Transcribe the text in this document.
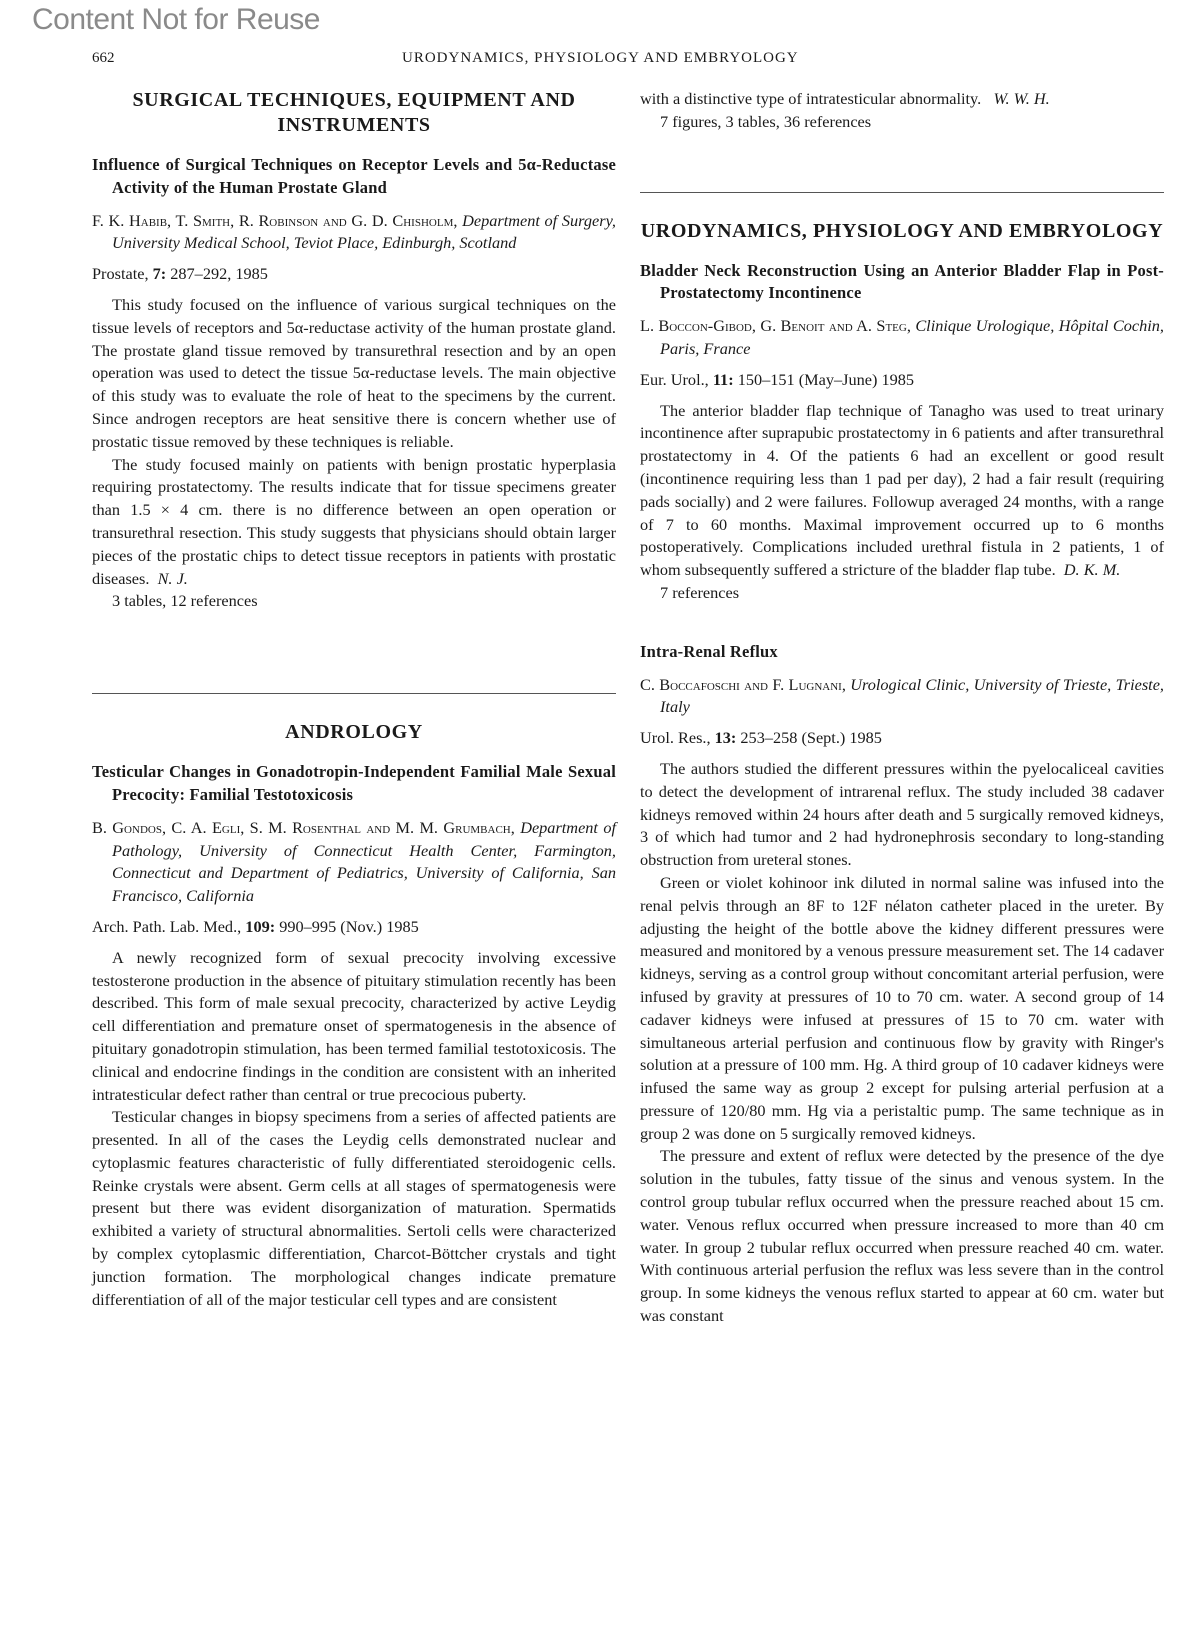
Content Not for Reuse
662	URODYNAMICS, PHYSIOLOGY AND EMBRYOLOGY
SURGICAL TECHNIQUES, EQUIPMENT AND INSTRUMENTS
Influence of Surgical Techniques on Receptor Levels and 5α-Reductase Activity of the Human Prostate Gland
F. K. Habib, T. Smith, R. Robinson and G. D. Chisholm, Department of Surgery, University Medical School, Teviot Place, Edinburgh, Scotland
Prostate, 7: 287–292, 1985

This study focused on the influence of various surgical techniques on the tissue levels of receptors and 5α-reductase activity of the human prostate gland. The prostate gland tissue removed by transurethral resection and by an open operation was used to detect the tissue 5α-reductase levels. The main objective of this study was to evaluate the role of heat to the specimens by the current. Since androgen receptors are heat sensitive there is concern whether use of prostatic tissue removed by these techniques is reliable.

The study focused mainly on patients with benign prostatic hyperplasia requiring prostatectomy. The results indicate that for tissue specimens greater than 1.5 × 4 cm. there is no difference between an open operation or transurethral resection. This study suggests that physicians should obtain larger pieces of the prostatic chips to detect tissue receptors in patients with prostatic diseases. N. J.

3 tables, 12 references

ANDROLOGY
Testicular Changes in Gonadotropin-Independent Familial Male Sexual Precocity: Familial Testotoxicosis
B. Gondos, C. A. Egli, S. M. Rosenthal and M. M. Grumbach, Department of Pathology, University of Connecticut Health Center, Farmington, Connecticut and Department of Pediatrics, University of California, San Francisco, California
Arch. Path. Lab. Med., 109: 990–995 (Nov.) 1985

A newly recognized form of sexual precocity involving excessive testosterone production in the absence of pituitary stimulation recently has been described. This form of male sexual precocity, characterized by active Leydig cell differentiation and premature onset of spermatogenesis in the absence of pituitary gonadotropin stimulation, has been termed familial testotoxicosis. The clinical and endocrine findings in the condition are consistent with an inherited intratesticular defect rather than central or true precocious puberty.

Testicular changes in biopsy specimens from a series of affected patients are presented. In all of the cases the Leydig cells demonstrated nuclear and cytoplasmic features characteristic of fully differentiated steroidogenic cells. Reinke crystals were absent. Germ cells at all stages of spermatogenesis were present but there was evident disorganization of maturation. Spermatids exhibited a variety of structural abnormalities. Sertoli cells were characterized by complex cytoplasmic differentiation, Charcot-Böttcher crystals and tight junction formation. The morphological changes indicate premature differentiation of all of the major testicular cell types and are consistent

with a distinctive type of intratesticular abnormality. W. W. H.

7 figures, 3 tables, 36 references

URODYNAMICS, PHYSIOLOGY AND EMBRYOLOGY
Bladder Neck Reconstruction Using an Anterior Bladder Flap in Post-Prostatectomy Incontinence
L. Boccon-Gibod, G. Benoit and A. Steg, Clinique Urologique, Hôpital Cochin, Paris, France
Eur. Urol., 11: 150–151 (May–June) 1985

The anterior bladder flap technique of Tanagho was used to treat urinary incontinence after suprapubic prostatectomy in 6 patients and after transurethral prostatectomy in 4. Of the patients 6 had an excellent or good result (incontinence requiring less than 1 pad per day), 2 had a fair result (requiring pads socially) and 2 were failures. Followup averaged 24 months, with a range of 7 to 60 months. Maximal improvement occurred up to 6 months postoperatively. Complications included urethral fistula in 2 patients, 1 of whom subsequently suffered a stricture of the bladder flap tube. D. K. M.

7 references

Intra-Renal Reflux
C. Boccafoschi and F. Lugnani, Urological Clinic, University of Trieste, Trieste, Italy
Urol. Res., 13: 253–258 (Sept.) 1985

The authors studied the different pressures within the pyelocaliceal cavities to detect the development of intrarenal reflux. The study included 38 cadaver kidneys removed within 24 hours after death and 5 surgically removed kidneys, 3 of which had tumor and 2 had hydronephrosis secondary to long-standing obstruction from ureteral stones.

Green or violet kohinoor ink diluted in normal saline was infused into the renal pelvis through an 8F to 12F nélaton catheter placed in the ureter. By adjusting the height of the bottle above the kidney different pressures were measured and monitored by a venous pressure measurement set. The 14 cadaver kidneys, serving as a control group without concomitant arterial perfusion, were infused by gravity at pressures of 10 to 70 cm. water. A second group of 14 cadaver kidneys were infused at pressures of 15 to 70 cm. water with simultaneous arterial perfusion and continuous flow by gravity with Ringer's solution at a pressure of 100 mm. Hg. A third group of 10 cadaver kidneys were infused the same way as group 2 except for pulsing arterial perfusion at a pressure of 120/80 mm. Hg via a peristaltic pump. The same technique as in group 2 was done on 5 surgically removed kidneys.

The pressure and extent of reflux were detected by the presence of the dye solution in the tubules, fatty tissue of the sinus and venous system. In the control group tubular reflux occurred when the pressure reached about 15 cm. water. Venous reflux occurred when pressure increased to more than 40 cm water. In group 2 tubular reflux occurred when pressure reached 40 cm. water. With continuous arterial perfusion the reflux was less severe than in the control group. In some kidneys the venous reflux started to appear at 60 cm. water but was constant
